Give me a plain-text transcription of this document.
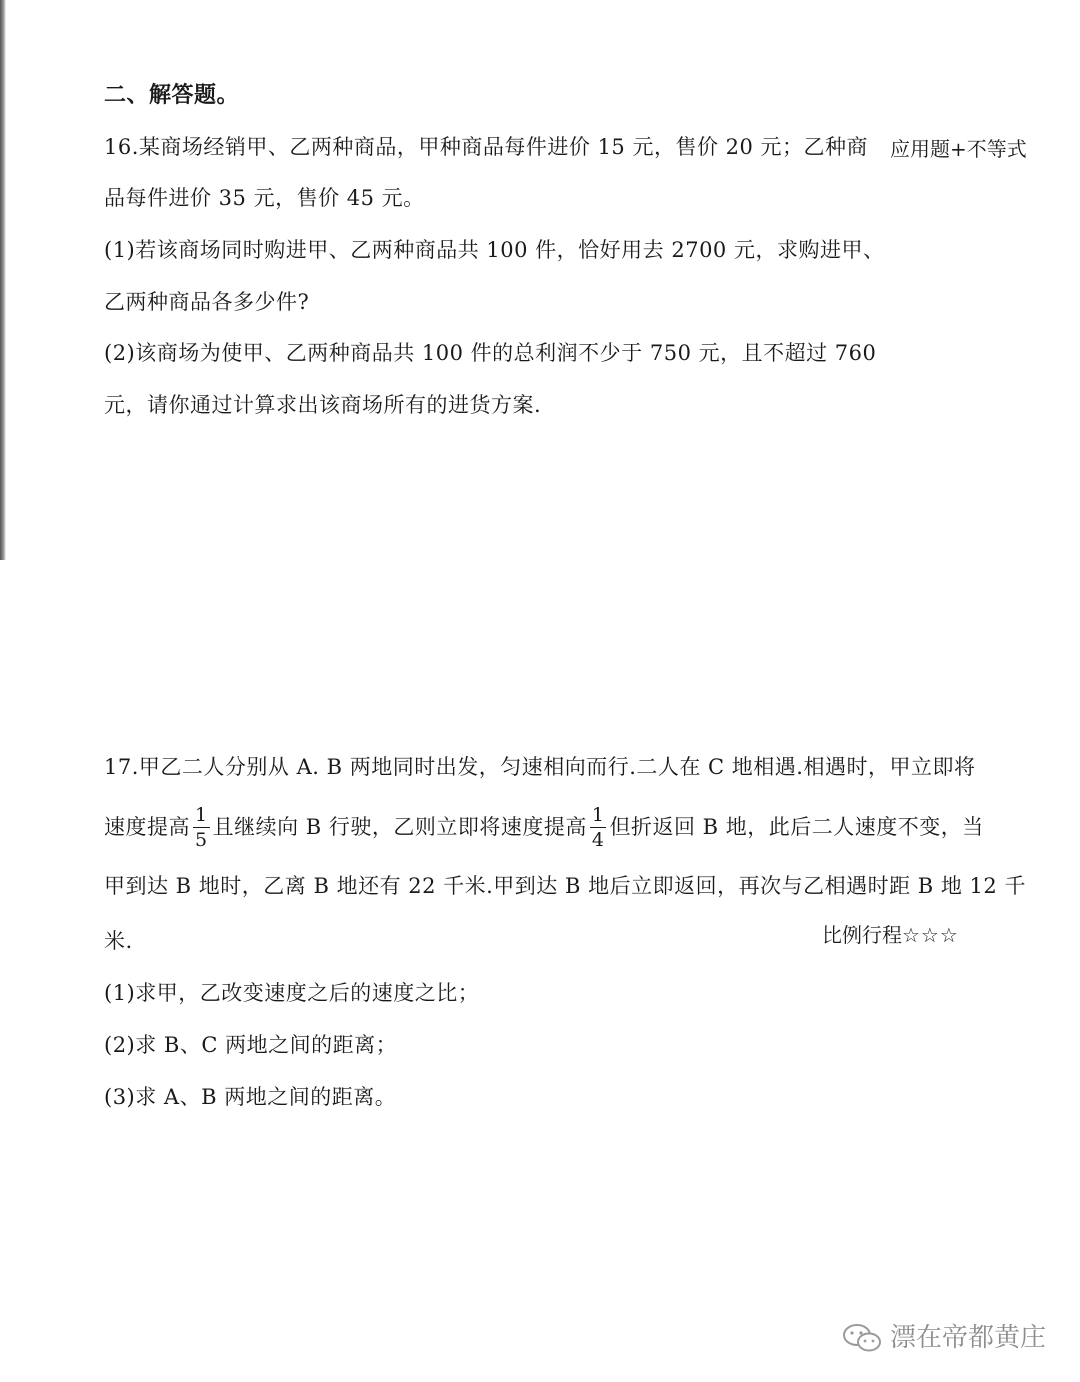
二、解答题。
16.某商场经销甲、乙两种商品，甲种商品每件进价 15 元，售价 20 元；乙种商 应用题+不等式
品每件进价 35 元，售价 45 元。
(1)若该商场同时购进甲、乙两种商品共 100 件，恰好用去 2700 元，求购进甲、
乙两种商品各多少件?
(2)该商场为使甲、乙两种商品共 100 件的总利润不少于 750 元，且不超过 760
元，请你通过计算求出该商场所有的进货方案.
17.甲乙二人分别从 A. B 两地同时出发，匀速相向而行.二人在 C 地相遇.相遇时，甲立即将
速度提高 $\frac{1}{5}$ 且继续向 B 行驶，乙则立即将速度提高 $\frac{1}{4}$ 但折返回 B 地，此后二人速度不变，当
甲到达 B 地时，乙离 B 地还有 22 千米.甲到达 B 地后立即返回，再次与乙相遇时距 B 地 12 千
米.	比例行程☆☆☆
(1)求甲，乙改变速度之后的速度之比；
(2)求 B、C 两地之间的距离；
(3)求 A、B 两地之间的距离。
漂在帝都黄庄
